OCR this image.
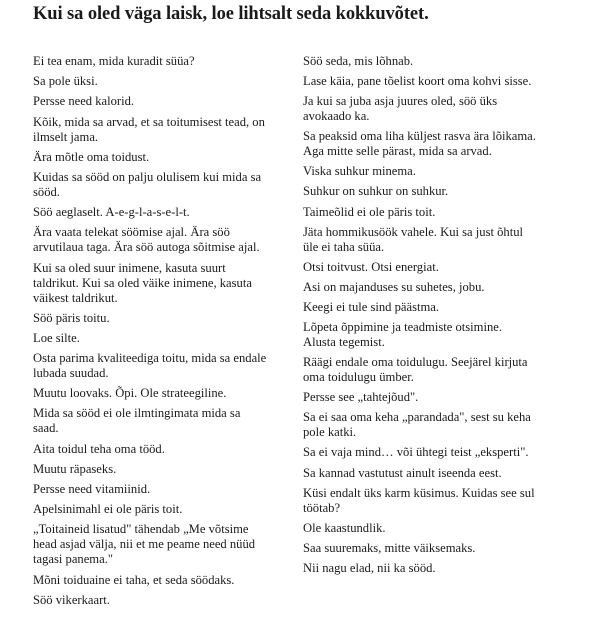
Kui sa oled väga laisk, loe lihtsalt seda kokkuvõtet.

Ei tea enam, mida kuradit süüa?

Sa pole üksi.

Persse need kalorid.

Kõik, mida sa arvad, et sa toitumisest tead, on
ilmselt jama.

Ära mõtle oma toidust.

Kuidas sa sööd on palju olulisem kui mida sa
sööd.

Söö aeglaselt. A-e-g-l-a-s-e-l-t.

Ära vaata telekat söömise ajal. Ära söö
arvutilaua taga. Ära söö autoga sõitmise ajal.

Kui sa oled suur inimene, kasuta suurt
taldrikut. Kui sa oled väike inimene, kasuta
väikest taldrikut.

Söö päris toitu.

Loe silte.

Osta parima kvaliteediga toitu, mida sa endale
lubada suudad.

Muutu loovaks. Õpi. Ole strateegiline.

Mida sa sööd ei ole ilmtingimata mida sa
saad.

Aita toidul teha oma tööd.

Muutu räpaseks.

Persse need vitamiinid.

Apelsinimahl ei ole päris toit.

„Toitaineid lisatud" tähendab „Me võtsime
head asjad välja, nii et me peame need nüüd
tagasi panema."

Mõni toiduaine ei taha, et seda söödaks.

Söö vikerkaart.

Söö seda, mis lõhnab.

Lase käia, pane tõelist koort oma kohvi sisse.

Ja kui sa juba asja juures oled, söö üks
avokaado ka.

Sa peaksid oma liha küljest rasva ära lõikama.
Aga mitte selle pärast, mida sa arvad.

Viska suhkur minema.

Suhkur on suhkur on suhkur.

Taimeõlid ei ole päris toit.

Jäta hommikusöök vahele. Kui sa just õhtul
üle ei taha süüa.

Otsi toitvust. Otsi energiat.

Asi on majanduses su suhetes, jobu.

Keegi ei tule sind päästma.

Lõpeta õppimine ja teadmiste otsimine.
Alusta tegemist.

Räägi endale oma toidulugu. Seejärel kirjuta
oma toidulugu ümber.

Persse see „tahtejõud".

Sa ei saa oma keha „parandada", sest su keha
pole katki.

Sa ei vaja mind… või ühtegi teist „eksperti".

Sa kannad vastutust ainult iseenda eest.

Küsi endalt üks karm küsimus. Kuidas see sul
töötab?

Ole kaastundlik.

Saa suuremaks, mitte väiksemaks.

Nii nagu elad, nii ka sööd.
